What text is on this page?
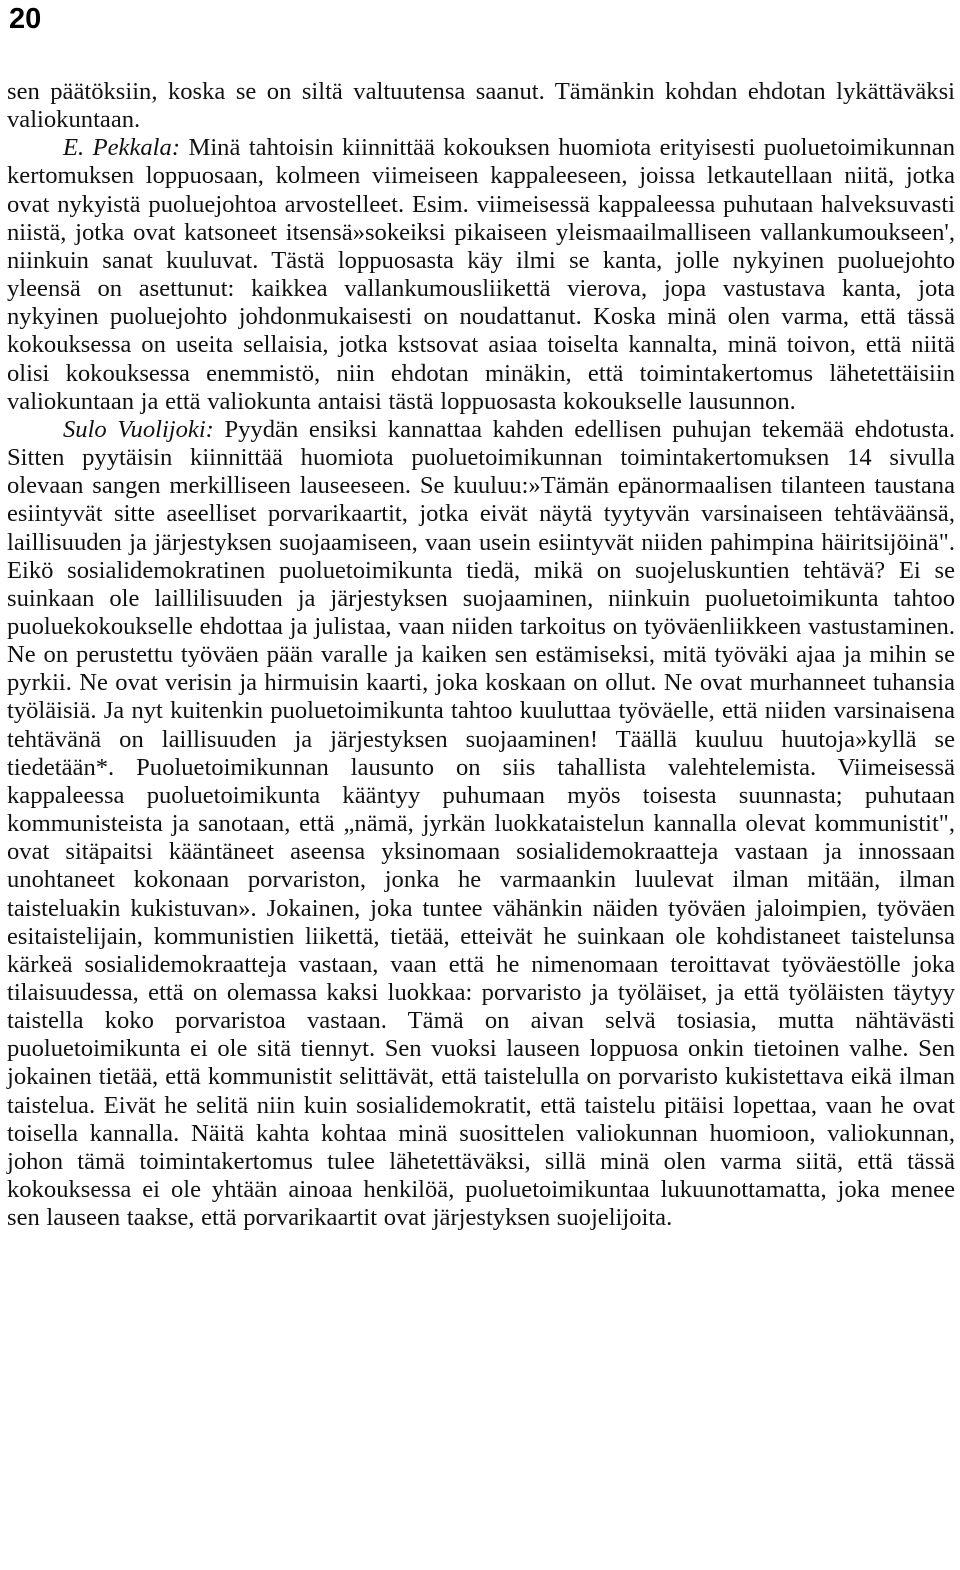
20

sen päätöksiin, koska se on siltä valtuutensa saanut. Tämänkin kohdan ehdotan lykättäväksi valiokuntaan.

E. Pekkala: Minä tahtoisin kiinnittää kokouksen huomiota erityisesti puoluetoimikunnan kertomuksen loppuosaan, kolmeen viimeiseen kappaleeseen, joissa letkautellaan niitä, jotka ovat nykyistä puoluejohtoa arvostelleet. Esim. viimeisessä kappaleessa puhutaan halveksuvasti niistä, jotka ovat katsoneet itsensä»sokeiksi pikaiseen yleismaailmalliseen vallankumoukseen', niinkuin sanat kuuluvat. Tästä loppuosasta käy ilmi se kanta, jolle nykyinen puoluejohto yleensä on asettunut: kaikkea vallankumousliikettä vierova, jopa vastustava kanta, jota nykyinen puoluejohto johdonmukaisesti on noudattanut. Koska minä olen varma, että tässä kokouksessa on useita sellaisia, jotka kstsovat asiaa toiselta kannalta, minä toivon, että niitä olisi kokouksessa enemmistö, niin ehdotan minäkin, että toimintakertomus lähetettäisiin valiokuntaan ja että valiokunta antaisi tästä loppuosasta kokoukselle lausunnon.

Sulo Vuolijoki: Pyydän ensiksi kannattaa kahden edellisen puhujan tekemää ehdotusta. Sitten pyytäisin kiinnittää huomiota puoluetoimikunnan toimintakertomuksen 14 sivulla olevaan sangen merkilliseen lauseeseen. Se kuuluu:»Tämän epänormaalisen tilanteen taustana esiintyvät sitte aseelliset porvarikaartit, jotka eivät näytä tyytyvän varsinaiseen tehtäväänsä, laillisuuden ja järjestyksen suojaamiseen, vaan usein esiintyvät niiden pahimpina häiritsijöinä". Eikö sosialidemokratinen puoluetoimikunta tiedä, mikä on suojeluskuntien tehtävä? Ei se suinkaan ole laillilisuuden ja järjestyksen suojaaminen, niinkuin puoluetoimikunta tahtoo puoluekokoukselle ehdottaa ja julistaa, vaan niiden tarkoitus on työväenliikkeen vastustaminen. Ne on perustettu työväen pään varalle ja kaiken sen estämiseksi, mitä työväki ajaa ja mihin se pyrkii. Ne ovat verisin ja hirmuisin kaarti, joka koskaan on ollut. Ne ovat murhanneet tuhansia työläisiä. Ja nyt kuitenkin puoluetoimikunta tahtoo kuuluttaa työväelle, että niiden varsinaisena tehtävänä on laillisuuden ja järjestyksen suojaaminen! Täällä kuuluu huutoja»kyllä se tiedetään*. Puoluetoimikunnan lausunto on siis tahallista valehtelemista. Viimeisessä kappaleessa puoluetoimikunta kääntyy puhumaan myös toisesta suunnasta; puhutaan kommunisteista ja sanotaan, että „nämä, jyrkän luokkataistelun kannalla olevat kommunistit", ovat sitäpaitsi kääntäneet aseensa yksinomaan sosialidemokraatteja vastaan ja innossaan unohtaneet kokonaan porvariston, jonka he varmaankin luulevat ilman mitään, ilman taisteluakin kukistuvan». Jokainen, joka tuntee vähänkin näiden työväen jaloimpien, työväen esitaistelijain, kommunistien liikettä, tietää, etteivät he suinkaan ole kohdistaneet taistelunsa kärkeä sosialidemokraatteja vastaan, vaan että he nimenomaan teroittavat työväestölle joka tilaisuudessa, että on olemassa kaksi luokkaa: porvaristo ja työläiset, ja että työläisten täytyy taistella koko porvaristoa vastaan. Tämä on aivan selvä tosiasia, mutta nähtävästi puoluetoimikunta ei ole sitä tiennyt. Sen vuoksi lauseen loppuosa onkin tietoinen valhe. Sen jokainen tietää, että kommunistit selittävät, että taistelulla on porvaristo kukistettava eikä ilman taistelua. Eivät he selitä niin kuin sosialidemokratit, että taistelu pitäisi lopettaa, vaan he ovat toisella kannalla. Näitä kahta kohtaa minä suosittelen valiokunnan huomioon, valiokunnan, johon tämä toimintakertomus tulee lähetettäväksi, sillä minä olen varma siitä, että tässä kokouksessa ei ole yhtään ainoaa henkilöä, puoluetoimikuntaa lukuunottamatta, joka menee sen lauseen taakse, että porvarikaartit ovat järjestyksen suojelijoita.
